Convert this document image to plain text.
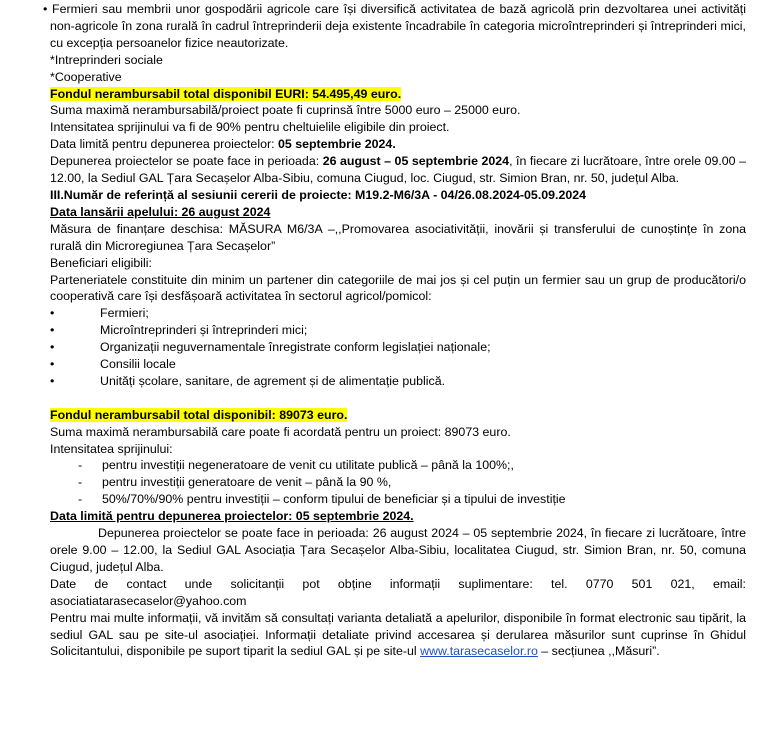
• Fermieri sau membrii unor gospodării agricole care își diversifică activitatea de bază agricolă prin dezvoltarea unei activități non-agricole în zona rurală în cadrul întreprinderii deja existente încadrabile în categoria microîntreprinderi și întreprinderi mici, cu excepția persoanelor fizice neautorizate.

*Intreprinderi sociale

*Cooperative

Fondul nerambursabil total disponibil EURI: 54.495,49 euro.

Suma maximă nerambursabilă/proiect poate fi cuprinsă între 5000 euro – 25000 euro.

Intensitatea sprijinului va fi de 90% pentru cheltuielile eligibile din proiect.

Data limită pentru depunerea proiectelor: 05 septembrie 2024.

Depunerea proiectelor se poate face in perioada: 26 august – 05 septembrie 2024, în fiecare zi lucrătoare, între orele 09.00 – 12.00, la Sediul GAL Țara Secașelor Alba-Sibiu, comuna Ciugud, loc. Ciugud, str. Simion Bran, nr. 50, județul Alba.

III.Număr de referință al sesiunii cererii de proiecte: M19.2-M6/3A - 04/26.08.2024-05.09.2024

Data lansării apelului: 26 august 2024

Măsura de finanțare deschisa: MĂSURA M6/3A –,,Promovarea asociativității, inovării și transferului de cunoștințe în zona rurală din Microregiunea Țara Secașelor”

Beneficiari eligibili:

Parteneriatele constituite din minim un partener din categoriile de mai jos și cel puțin un fermier sau un grup de producători/o cooperativă care își desfășoară activitatea în sectorul agricol/pomicol:

•	Fermieri;
•	Microîntreprinderi și întreprinderi mici;
•	Organizații neguvernamentale înregistrate conform legislației naționale;
•	Consilii locale
•	Unități școlare, sanitare, de agrement și de alimentație publică.

Fondul nerambursabil total disponibil: 89073 euro.

Suma maximă nerambursabilă care poate fi acordată pentru un proiect: 89073 euro.

Intensitatea sprijinului:

-	pentru investiții negeneratoare de venit cu utilitate publică – până la 100%;,
-	pentru investiții generatoare de venit – până la 90 %,
-	50%/70%/90% pentru investiții – conform tipului de beneficiar și a tipului de investiție

Data limită pentru depunerea proiectelor: 05 septembrie 2024.

Depunerea proiectelor se poate face in perioada: 26 august 2024 – 05 septembrie 2024, în fiecare zi lucrătoare, între orele 9.00 – 12.00, la Sediul GAL Asociația Țara Secașelor Alba-Sibiu, localitatea Ciugud, str. Simion Bran, nr. 50, comuna Ciugud, județul Alba.

Date de contact unde solicitanții pot obține informații suplimentare: tel. 0770 501 021, email: asociatiatarasecaselor@yahoo.com

Pentru mai multe informații, vă invităm să consultați varianta detaliată a apelurilor, disponibile în format electronic sau tipărit, la sediul GAL sau pe site-ul asociației. Informații detaliate privind accesarea și derularea măsurilor sunt cuprinse în Ghidul Solicitantului, disponibile pe suport tiparit la sediul GAL și pe site-ul www.tarasecaselor.ro – secțiunea ,,Măsuri”.
